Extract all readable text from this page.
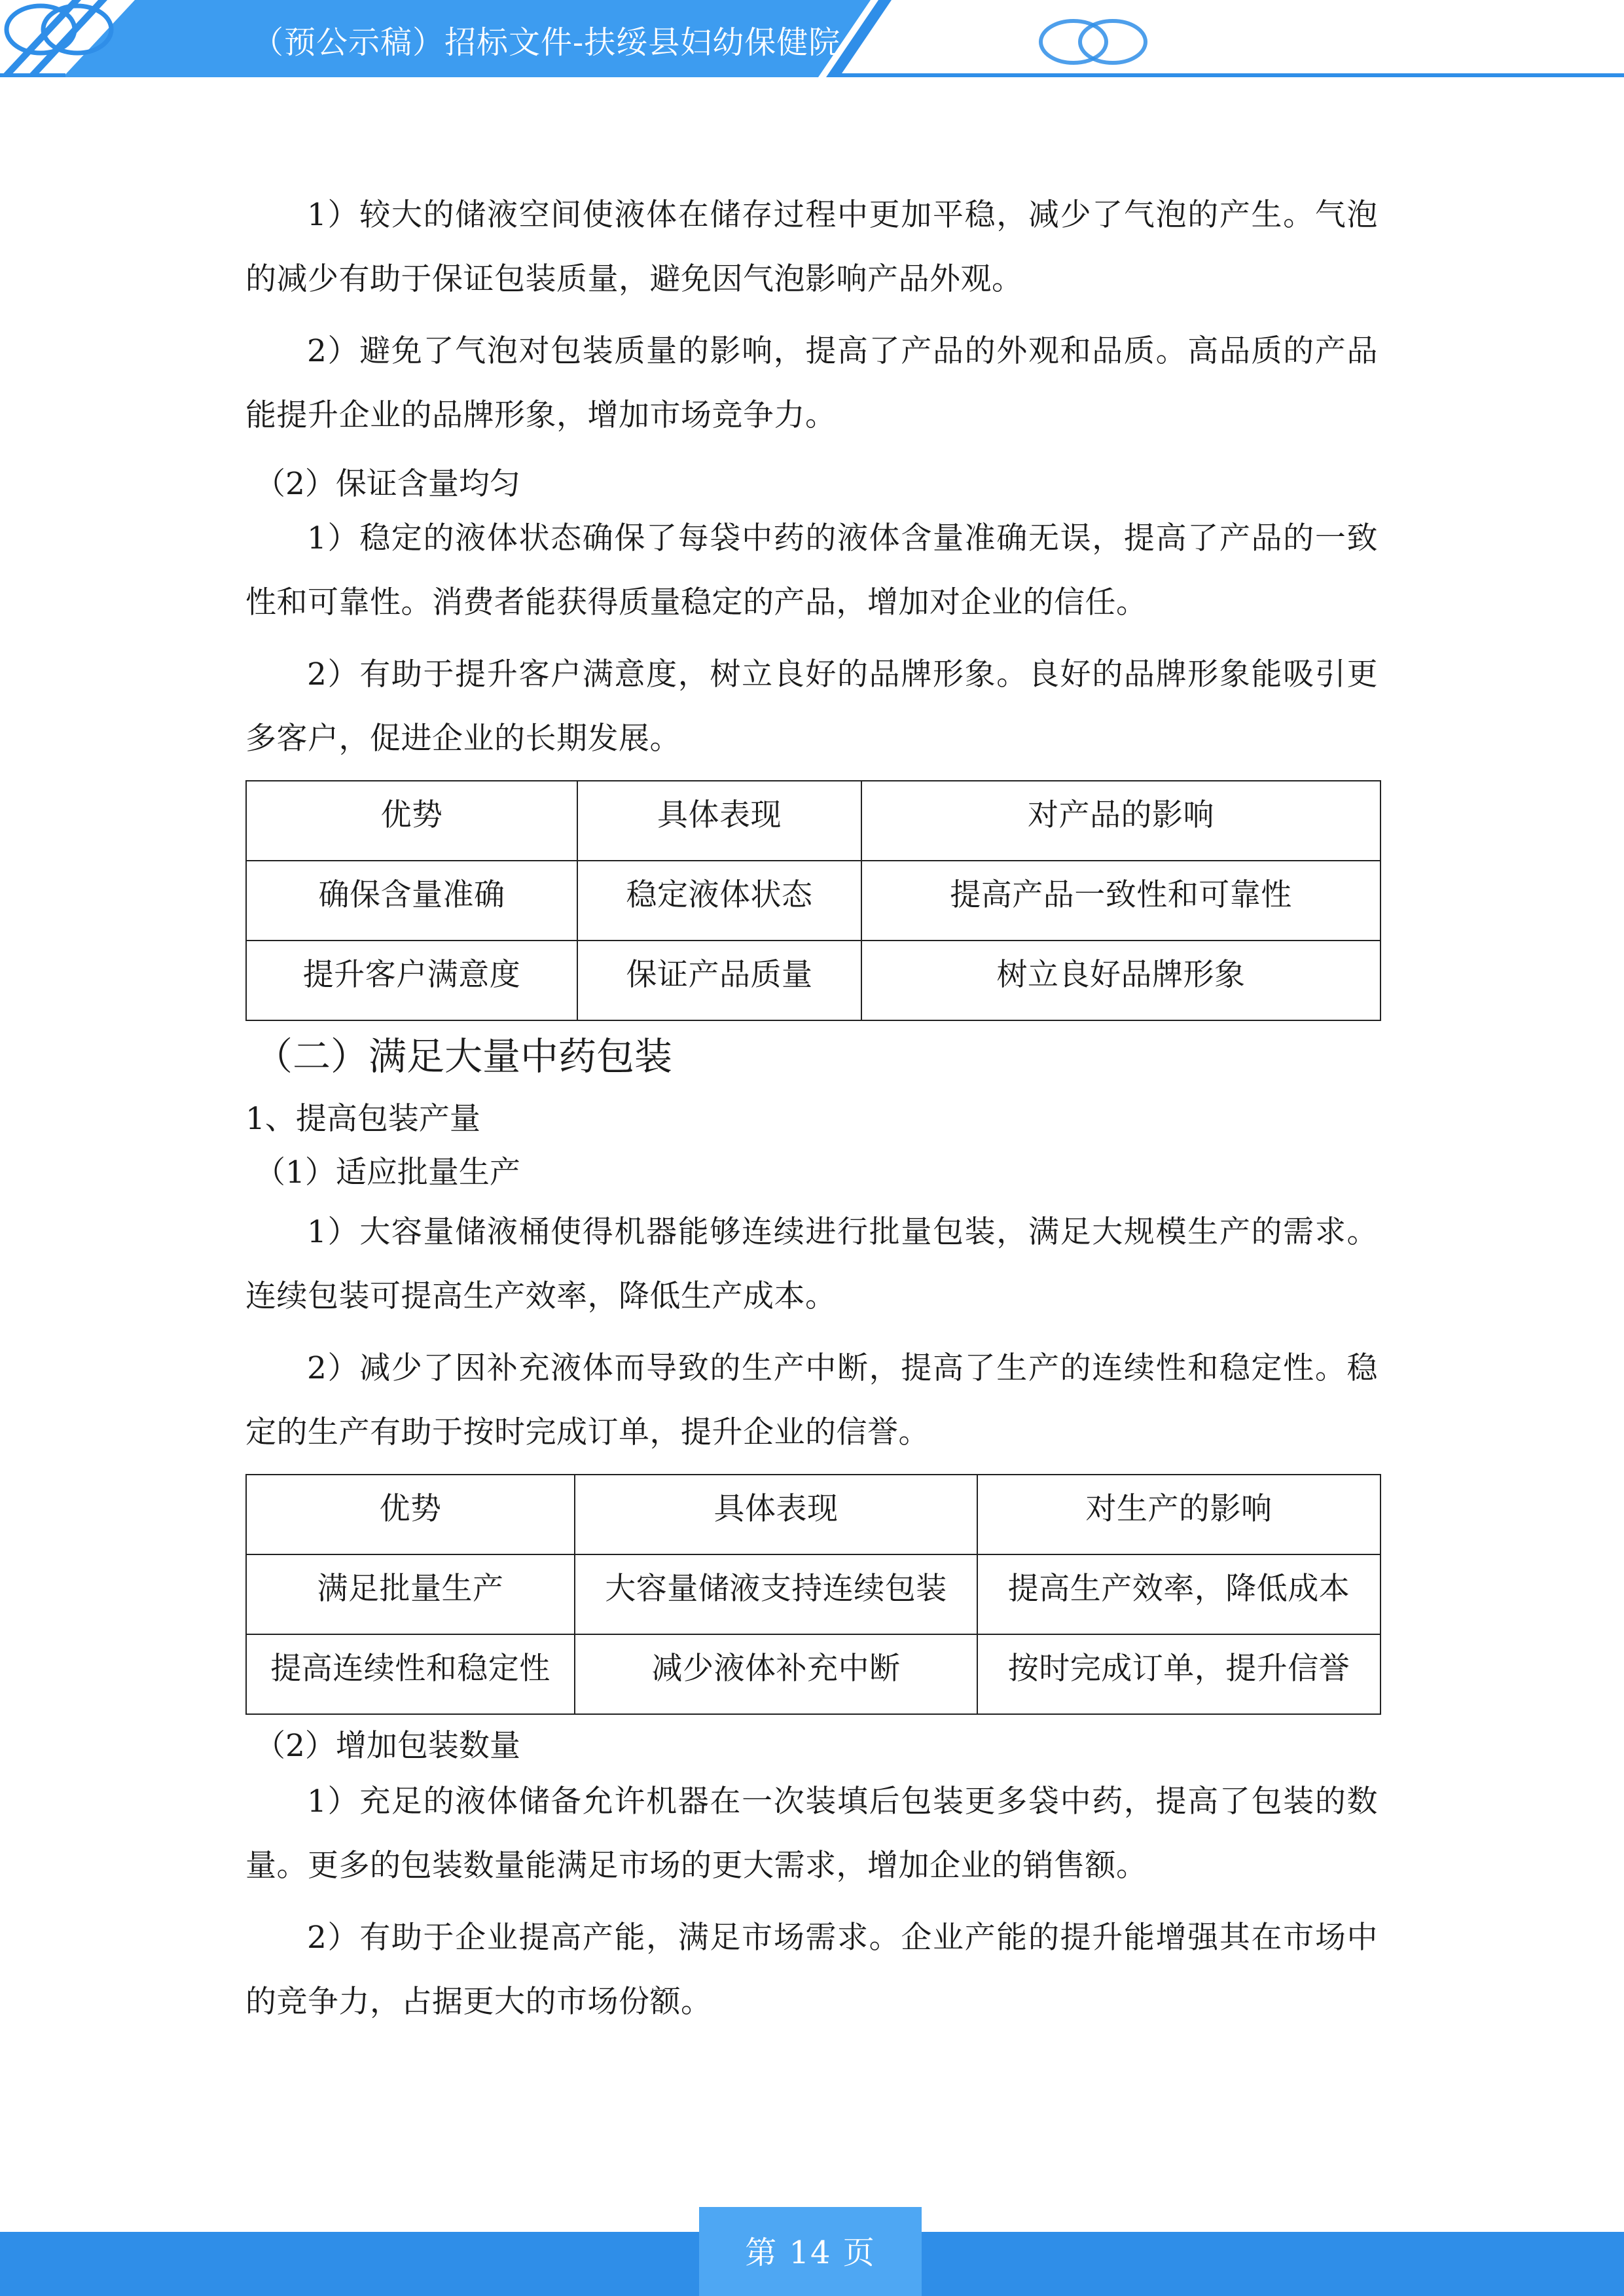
（预公示稿）招标文件-扶绥县妇幼保健院

1）较大的储液空间使液体在储存过程中更加平稳，减少了气泡的产生。气泡的减少有助于保证包装质量，避免因气泡影响产品外观。

2）避免了气泡对包装质量的影响，提高了产品的外观和品质。高品质的产品能提升企业的品牌形象，增加市场竞争力。

（2）保证含量均匀

1）稳定的液体状态确保了每袋中药的液体含量准确无误，提高了产品的一致性和可靠性。消费者能获得质量稳定的产品，增加对企业的信任。

2）有助于提升客户满意度，树立良好的品牌形象。良好的品牌形象能吸引更多客户，促进企业的长期发展。

优势	具体表现	对产品的影响
确保含量准确	稳定液体状态	提高产品一致性和可靠性
提升客户满意度	保证产品质量	树立良好品牌形象

（二）满足大量中药包装

1、提高包装产量

（1）适应批量生产

1）大容量储液桶使得机器能够连续进行批量包装，满足大规模生产的需求。连续包装可提高生产效率，降低生产成本。

2）减少了因补充液体而导致的生产中断，提高了生产的连续性和稳定性。稳定的生产有助于按时完成订单，提升企业的信誉。

优势	具体表现	对生产的影响
满足批量生产	大容量储液支持连续包装	提高生产效率，降低成本
提高连续性和稳定性	减少液体补充中断	按时完成订单，提升信誉

（2）增加包装数量

1）充足的液体储备允许机器在一次装填后包装更多袋中药，提高了包装的数量。更多的包装数量能满足市场的更大需求，增加企业的销售额。

2）有助于企业提高产能，满足市场需求。企业产能的提升能增强其在市场中的竞争力，占据更大的市场份额。

第 14 页
